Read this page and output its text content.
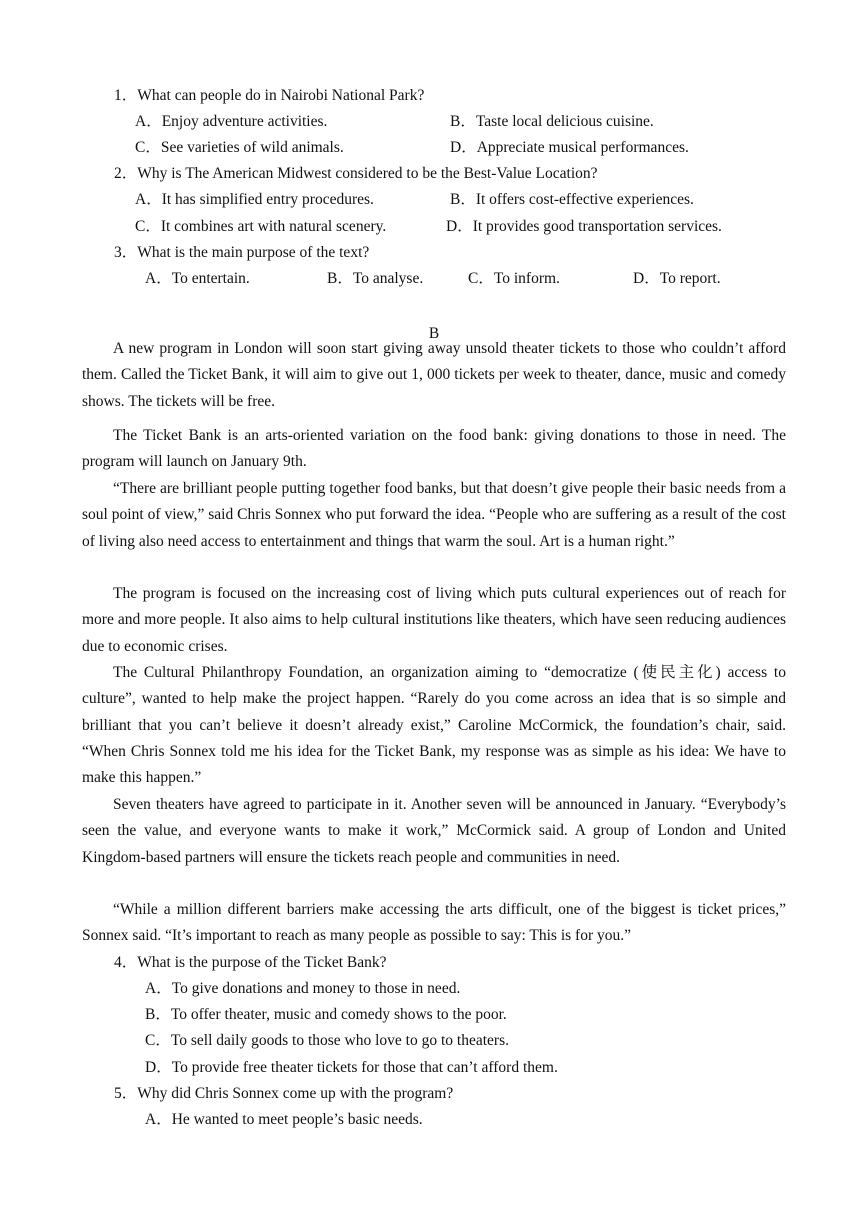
1．What can people do in Nairobi National Park?
A．Enjoy adventure activities.	B．Taste local delicious cuisine.
C．See varieties of wild animals.	D．Appreciate musical performances.
2．Why is The American Midwest considered to be the Best-Value Location?
A．It has simplified entry procedures.	B．It offers cost-effective experiences.
C．It combines art with natural scenery.	D．It provides good transportation services.
3．What is the main purpose of the text?
A．To entertain.	B．To analyse.	C．To inform.	D．To report.
B

A new program in London will soon start giving away unsold theater tickets to those who couldn’t afford them. Called the Ticket Bank, it will aim to give out 1, 000 tickets per week to theater, dance, music and comedy shows. The tickets will be free.

The Ticket Bank is an arts-oriented variation on the food bank: giving donations to those in need. The program will launch on January 9th.

“There are brilliant people putting together food banks, but that doesn’t give people their basic needs from a soul point of view,” said Chris Sonnex who put forward the idea. “People who are suffering as a result of the cost of living also need access to entertainment and things that warm the soul. Art is a human right.”

The program is focused on the increasing cost of living which puts cultural experiences out of reach for more and more people. It also aims to help cultural institutions like theaters, which have seen reducing audiences due to economic crises.

The Cultural Philanthropy Foundation, an organization aiming to “democratize (使民主化) access to culture”, wanted to help make the project happen. “Rarely do you come across an idea that is so simple and brilliant that you can’t believe it doesn’t already exist,” Caroline McCormick, the foundation’s chair, said. “When Chris Sonnex told me his idea for the Ticket Bank, my response was as simple as his idea: We have to make this happen.”

Seven theaters have agreed to participate in it. Another seven will be announced in January. “Everybody’s seen the value, and everyone wants to make it work,” McCormick said. A group of London and United Kingdom-based partners will ensure the tickets reach people and communities in need.

“While a million different barriers make accessing the arts difficult, one of the biggest is ticket prices,” Sonnex said. “It’s important to reach as many people as possible to say: This is for you.”

4．What is the purpose of the Ticket Bank?
A．To give donations and money to those in need.
B．To offer theater, music and comedy shows to the poor.
C．To sell daily goods to those who love to go to theaters.
D．To provide free theater tickets for those that can’t afford them.
5．Why did Chris Sonnex come up with the program?
A．He wanted to meet people’s basic needs.
